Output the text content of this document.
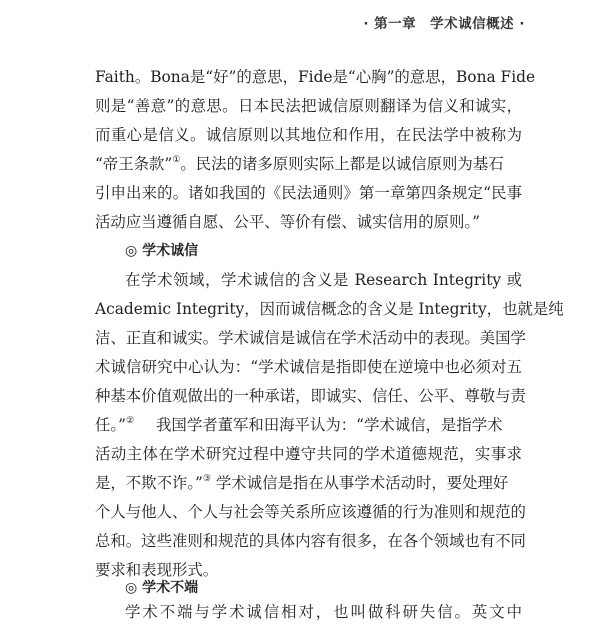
· 第一章 学术诚信概述 ·
Faith。Bona是“好”的意思，Fide是“心胸”的意思，Bona Fide
则是“善意”的意思。日本民法把诚信原则翻译为信义和诚实，
而重心是信义。诚信原则以其地位和作用，在民法学中被称为
“帝王条款”①。民法的诸多原则实际上都是以诚信原则为基石
引申出来的。诸如我国的《民法通则》第一章第四条规定“民事
活动应当遵循自愿、公平、等价有偿、诚实信用的原则。”
◎ 学术诚信
在学术领域，学术诚信的含义是 Research Integrity 或
Academic Integrity，因而诚信概念的含义是 Integrity，也就是纯
洁、正直和诚实。学术诚信是诚信在学术活动中的表现。美国学
术诚信研究中心认为：“学术诚信是指即使在逆境中也必须对五
种基本价值观做出的一种承诺，即诚实、信任、公平、尊敬与责
任。”② 我国学者董军和田海平认为：“学术诚信，是指学术
活动主体在学术研究过程中遵守共同的学术道德规范，实事求
是，不欺不诈。”③ 学术诚信是指在从事学术活动时，要处理好
个人与他人、个人与社会等关系所应该遵循的行为准则和规范的
总和。这些准则和规范的具体内容有很多，在各个领域也有不同
要求和表现形式。
◎ 学术不端
学术不端与学术诚信相对，也叫做科研失信。英文中
